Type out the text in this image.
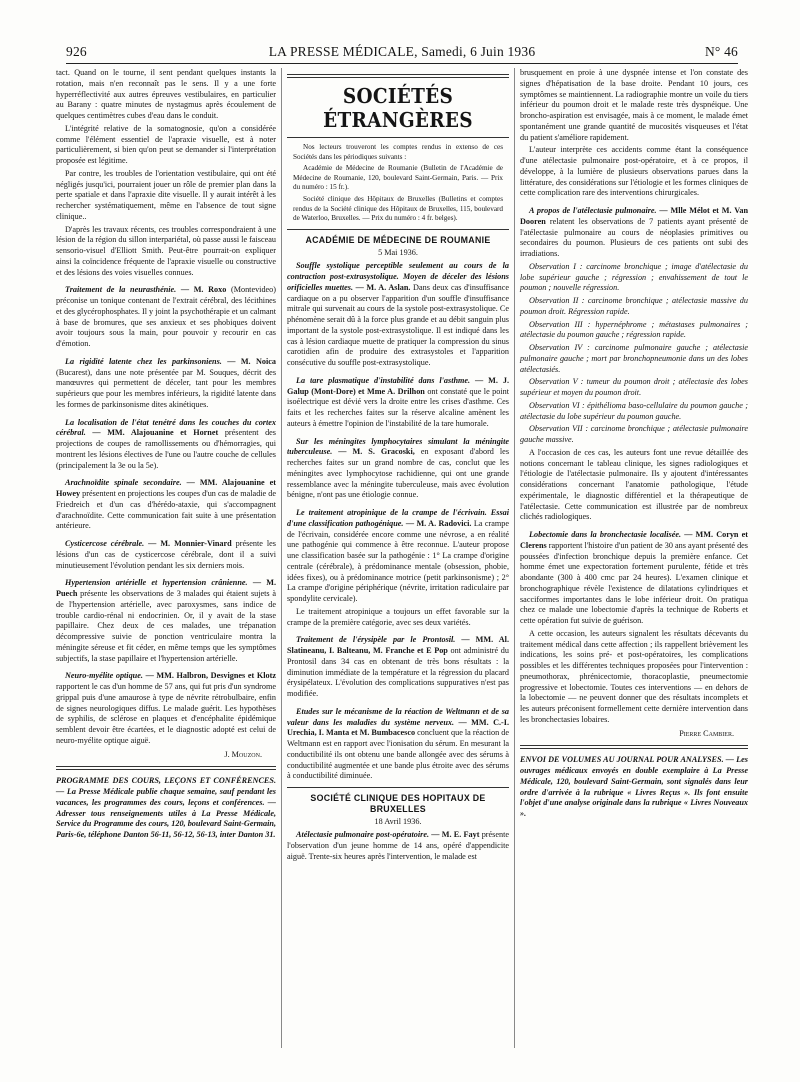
926	LA PRESSE MÉDICALE, Samedi, 6 Juin 1936	N° 46

tact. Quand on le tourne, il sent pendant quelques instants la rotation, mais n'en reconnaît pas le sens. Il y a une forte hyperréflectivité aux autres épreuves vestibulaires, en particulier au Barany : quatre minutes de nystagmus après écoulement de quelques centimètres cubes d'eau dans le conduit.

L'intégrité relative de la somatognosie, qu'on a considérée comme l'élément essentiel de l'apraxie visuelle, est à noter particulièrement, si bien qu'on peut se demander si l'interprétation proposée est légitime.

Par contre, les troubles de l'orientation vestibulaire, qui ont été négligés jusqu'ici, pourraient jouer un rôle de premier plan dans la perte spatiale et dans l'apraxie dite visuelle. Il y aurait intérêt à les rechercher systématiquement, même en l'absence de tout signe clinique..

D'après les travaux récents, ces troubles correspondraient à une lésion de la région du sillon interpariétal, où passe aussi le faisceau sensorio-visuel d'Elliott Smith. Peut-être pourrait-on expliquer ainsi la coïncidence fréquente de l'apraxie visuelle ou constructive et des lésions des voies visuelles connues.

Traitement de la neurasthénie. — M. Roxo (Montevideo) préconise un tonique contenant de l'extrait cérébral, des lécithines et des glycérophosphates. Il y joint la psychothérapie et un calmant à base de bromures, que ses anxieux et ses phobiques doivent avoir toujours sous la main, pour pouvoir y recourir en cas d'émotion.

La rigidité latente chez les parkinsoniens. — M. Noica (Bucarest), dans une note présentée par M. Souques, décrit des manœuvres qui permettent de déceler, tant pour les membres supérieurs que pour les membres inférieurs, la rigidité latente dans les formes de parkinsonisme dites akinétiques.

La localisation de l'état tenétré dans les couches du cortex cérébral. — MM. Alajouanine et Hornet présentent des projections de coupes de ramollissements ou d'hémorragies, qui montrent les lésions électives de l'une ou l'autre couche de cellules (principalement la 3e ou la 5e).

Arachnoïdite spinale secondaire. — MM. Alajouanine et Howey présentent en projections les coupes d'un cas de maladie de Friedreich et d'un cas d'hérédo-ataxie, qui s'accompagnent d'arachnoïdite. Cette communication fait suite à une présentation antérieure.

Cysticercose cérébrale. — M. Monnier-Vinard présente les lésions d'un cas de cysticercose cérébrale, dont il a suivi minutieusement l'évolution pendant les six derniers mois.

Hypertension artérielle et hypertension crânienne. — M. Puech présente les observations de 3 malades qui étaient sujets à de l'hypertension artérielle, avec paroxysmes, sans indice de trouble cardio-rénal ni endocrinien. Or, il y avait de la stase papillaire. Chez deux de ces malades, une trépanation décompressive suivie de ponction ventriculaire montra la méningite séreuse et fit céder, en même temps que les symptômes subjectifs, la stase papillaire et l'hypertension artérielle.

Neuro-myélite optique. — MM. Halbron, Desvignes et Klotz rapportent le cas d'un homme de 57 ans, qui fut pris d'un syndrome grippal puis d'une amaurose à type de névrite rétrobulbaire, enfin de signes neurologiques diffus. Le malade guérit. Les hypothèses de syphilis, de sclérose en plaques et d'encéphalite épidémique semblent devoir être écartées, et le diagnostic adopté est celui de neuro-myélite optique aiguë.

J. Mouzon.

PROGRAMME DES COURS, LEÇONS ET CONFÉRENCES. — La Presse Médicale publie chaque semaine, sauf pendant les vacances, les programmes des cours, leçons et conférences. — Adresser tous renseignements utiles à La Presse Médicale, Service du Programme des cours, 120, boulevard Saint-Germain, Paris-6e, téléphone Danton 56-11, 56-12, 56-13, inter Danton 31.

SOCIÉTÉS ÉTRANGÈRES

Nos lecteurs trouveront les comptes rendus in extenso de ces Sociétés dans les périodiques suivants :

Académie de Médecine de Roumanie (Bulletin de l'Académie de Médecine de Roumanie, 120, boulevard Saint-Germain, Paris. — Prix du numéro : 15 fr.).

Société clinique des Hôpitaux de Bruxelles (Bulletins et comptes rendus de la Société clinique des Hôpitaux de Bruxelles, 115, boulevard de Waterloo, Bruxelles. — Prix du numéro : 4 fr. belges).

ACADÉMIE DE MÉDECINE DE ROUMANIE

5 Mai 1936.

Souffle systolique perceptible seulement au cours de la contraction post-extrasystolique. Moyen de déceler des lésions orificielles muettes. — M. A. Aslan. Dans deux cas d'insuffisance cardiaque on a pu observer l'apparition d'un souffle d'insuffisance mitrale qui survenait au cours de la systole post-extrasystolique. Ce phénomène serait dû à la force plus grande et au débit sanguin plus important de la systole post-extrasystolique. Il est indiqué dans les cas à lésion cardiaque muette de pratiquer la compression du sinus carotidien afin de produire des extrasystoles et l'apparition consécutive du souffle post-extrasystolique.

La tare plasmatique d'instabilité dans l'asthme. — M. J. Galup (Mont-Dore) et Mme A. Drilhon ont constaté que le point isoélectrique est dévié vers la droite entre les crises d'asthme. Ces faits et les recherches faites sur la réserve alcaline amènent les auteurs à émettre l'opinion de l'instabilité de la tare humorale.

Sur les méningites lymphocytaires simulant la méningite tuberculeuse. — M. S. Gracoski, en exposant d'abord les recherches faites sur un grand nombre de cas, conclut que les méningites avec lymphocytose rachidienne, qui ont une grande ressemblance avec la méningite tuberculeuse, mais avec évolution bénigne, n'ont pas une étiologie connue.

Le traitement atropinique de la crampe de l'écrivain. Essai d'une classification pathogénique. — M. A. Radovici. La crampe de l'écrivain, considérée encore comme une névrose, a en réalité une pathogénie qui commence à être reconnue. L'auteur propose une classification basée sur la pathogénie : 1° La crampe d'origine centrale (cérébrale), à prédominance mentale (obsession, phobie, idées fixes), ou à prédominance motrice (petit parkinsonisme) ; 2° La crampe d'origine périphérique (névrite, irritation radiculaire par spondylite cervicale).

Le traitement atropinique a toujours un effet favorable sur la crampe de la première catégorie, avec ses deux variétés.

Traitement de l'érysipèle par le Prontosil. — MM. Al. Slatineanu, I. Balteanu, M. Franche et E Pop ont administré du Prontosil dans 34 cas en obtenant de très bons résultats : la diminution immédiate de la température et la régression du placard érysipélateux. L'évolution des complications suppuratives n'est pas modifiée.

Etudes sur le mécanisme de la réaction de Weltmann et de sa valeur dans les maladies du système nerveux. — MM. C.-I. Urechia, I. Manta et M. Bumbacesco concluent que la réaction de Weltmann est en rapport avec l'ionisation du sérum. En mesurant la conductibilité ils ont obtenu une bande allongée avec des sérums à conductibilité augmentée et une bande plus étroite avec des sérums à conductibilité diminuée.

SOCIÉTÉ CLINIQUE DES HOPITAUX DE BRUXELLES

18 Avril 1936.

Atélectasie pulmonaire post-opératoire. — M. E. Fayt présente l'observation d'un jeune homme de 14 ans, opéré d'appendicite aiguë. Trente-six heures après l'intervention, le malade est

brusquement en proie à une dyspnée intense et l'on constate des signes d'hépatisation de la base droite. Pendant 10 jours, ces symptômes se maintiennent. La radiographie montre un voile du tiers inférieur du poumon droit et le malade reste très dyspnéique. Une broncho-aspiration est envisagée, mais à ce moment, le malade émet spontanément une grande quantité de mucosités visqueuses et l'état du patient s'améliore rapidement.

L'auteur interprète ces accidents comme étant la conséquence d'une atélectasie pulmonaire post-opératoire, et à ce propos, il développe, à la lumière de plusieurs observations parues dans la littérature, des considérations sur l'étiologie et les formes cliniques de cette complication rare des interventions chirurgicales.

A propos de l'atélectasie pulmonaire. — Mlle Mélot et M. Van Dooren relatent les observations de 7 patients ayant présenté de l'atélectasie pulmonaire au cours de néoplasies primitives ou secondaires du poumon. Plusieurs de ces patients ont subi des irradiations.

Observation I : carcinome bronchique ; image d'atélectasie du lobe supérieur gauche ; régression ; envahissement de tout le poumon ; nouvelle régression.

Observation II : carcinome bronchique ; atélectasie massive du poumon droit. Régression rapide.

Observation III : hypernéphrome ; métastases pulmonaires ; atélectasie du poumon gauche ; régression rapide.

Observation IV : carcinome pulmonaire gauche ; atélectasie pulmonaire gauche ; mort par bronchopneumonie dans un des lobes atélectasiés.

Observation V : tumeur du poumon droit ; atélectasie des lobes supérieur et moyen du poumon droit.

Observation VI : épithélioma baso-cellulaire du poumon gauche ; atélectasie du lobe supérieur du poumon gauche.

Observation VII : carcinome bronchique ; atélectasie pulmonaire gauche massive.

A l'occasion de ces cas, les auteurs font une revue détaillée des notions concernant le tableau clinique, les signes radiologiques et l'étiologie de l'atélectasie pulmonaire. Ils y ajoutent d'intéressantes considérations concernant l'anatomie pathologique, l'étude expérimentale, le diagnostic différentiel et la thérapeutique de l'atélectasie. Cette communication est illustrée par de nombreux clichés radiologiques.

Lobectomie dans la bronchectasie localisée. — MM. Coryn et Clerens rapportent l'histoire d'un patient de 30 ans ayant présenté des poussées d'infection bronchique depuis la première enfance. Cet homme émet une expectoration fortement purulente, fétide et très abondante (300 à 400 cmc par 24 heures). L'examen clinique et bronchographique révèle l'existence de dilatations cylindriques et sacciformes importantes dans le lobe inférieur droit. On pratiqua chez ce malade une lobectomie d'après la technique de Roberts et cette opération fut suivie de guérison.

A cette occasion, les auteurs signalent les résultats décevants du traitement médical dans cette affection ; ils rappellent brièvement les indications, les soins pré- et post-opératoires, les complications possibles et les différentes techniques proposées pour l'intervention : pneumothorax, phrénicectomie, thoracoplastie, pneumectomie progressive et lobectomie. Toutes ces interventions — en dehors de la lobectomie — ne peuvent donner que des résultats incomplets et les auteurs préconisent formellement cette dernière intervention dans les bronchectasies lobaires.

Pierre Cambier.

ENVOI DE VOLUMES AU JOURNAL POUR ANALYSES. — Les ouvrages médicaux envoyés en double exemplaire à La Presse Médicale, 120, boulevard Saint-Germain, sont signalés dans leur ordre d'arrivée à la rubrique « Livres Reçus ». Ils font ensuite l'objet d'une analyse originale dans la rubrique « Livres Nouveaux ».
